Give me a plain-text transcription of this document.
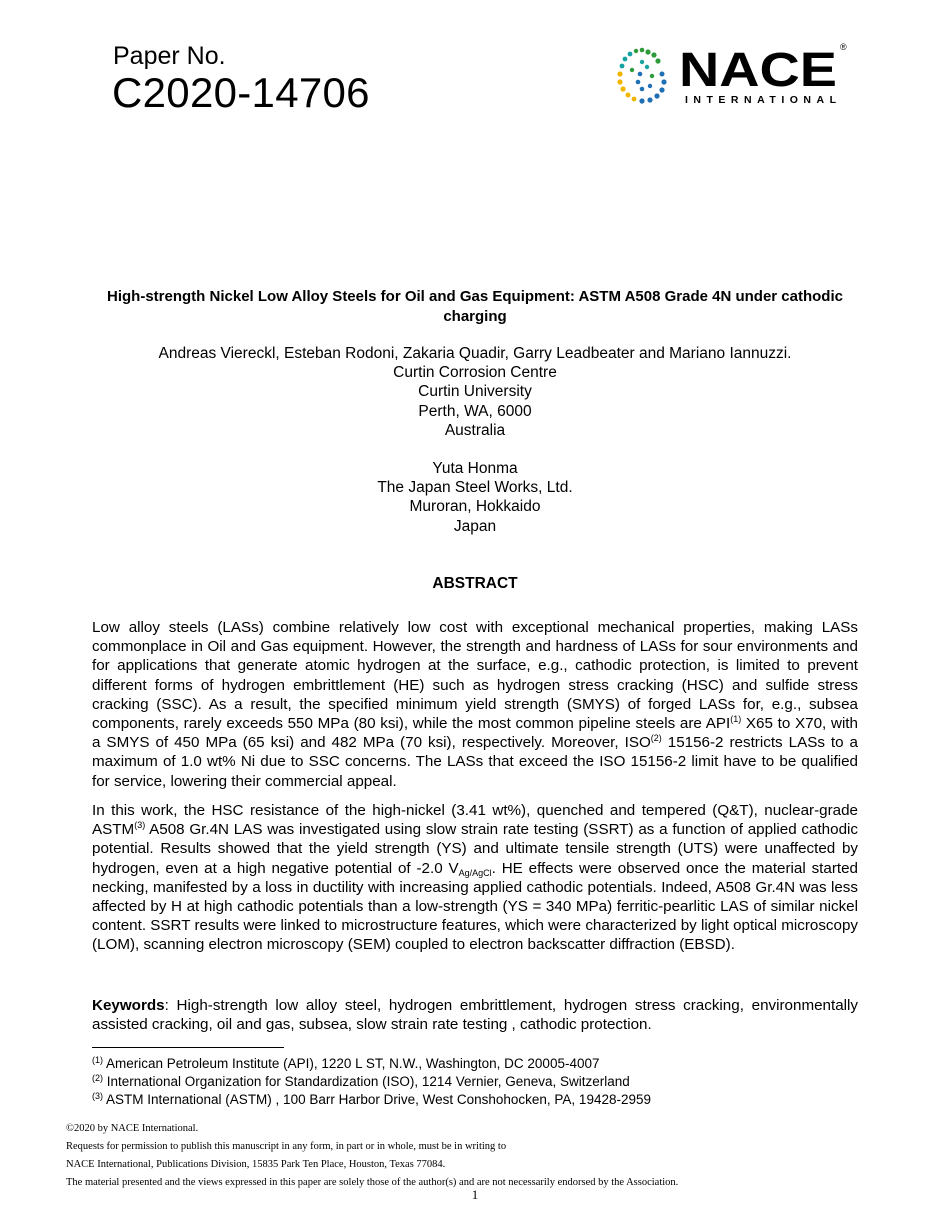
Paper No.
C2020-14706	NACE ®
INTERNATIONAL
High-strength Nickel Low Alloy Steels for Oil and Gas Equipment: ASTM A508 Grade 4N under cathodic charging
Andreas Viereckl, Esteban Rodoni, Zakaria Quadir, Garry Leadbeater and Mariano Iannuzzi.
Curtin Corrosion Centre
Curtin University
Perth, WA, 6000
Australia
Yuta Honma
The Japan Steel Works, Ltd.
Muroran, Hokkaido
Japan
ABSTRACT
Low alloy steels (LASs) combine relatively low cost with exceptional mechanical properties, making LASs commonplace in Oil and Gas equipment. However, the strength and hardness of LASs for sour environments and for applications that generate atomic hydrogen at the surface, e.g., cathodic protection, is limited to prevent different forms of hydrogen embrittlement (HE) such as hydrogen stress cracking (HSC) and sulfide stress cracking (SSC). As a result, the specified minimum yield strength (SMYS) of forged LASs for, e.g., subsea components, rarely exceeds 550 MPa (80 ksi), while the most common pipeline steels are API$^{(1)}$ X65 to X70, with a SMYS of 450 MPa (65 ksi) and 482 MPa (70 ksi), respectively. Moreover, ISO$^{(2)}$ 15156-2 restricts LASs to a maximum of 1.0 wt% Ni due to SSC concerns. The LASs that exceed the ISO 15156-2 limit have to be qualified for service, lowering their commercial appeal.
In this work, the HSC resistance of the high-nickel (3.41 wt%), quenched and tempered (Q&T), nuclear-grade ASTM$^{(3)}$ A508 Gr.4N LAS was investigated using slow strain rate testing (SSRT) as a function of applied cathodic potential. Results showed that the yield strength (YS) and ultimate tensile strength (UTS) were unaffected by hydrogen, even at a high negative potential of -2.0 $V_{Ag/AgCl}$. HE effects were observed once the material started necking, manifested by a loss in ductility with increasing applied cathodic potentials. Indeed, A508 Gr.4N was less affected by H at high cathodic potentials than a low-strength (YS = 340 MPa) ferritic-pearlitic LAS of similar nickel content. SSRT results were linked to microstructure features, which were characterized by light optical microscopy (LOM), scanning electron microscopy (SEM) coupled to electron backscatter diffraction (EBSD).
Keywords: High-strength low alloy steel, hydrogen embrittlement, hydrogen stress cracking, environmentally assisted cracking, oil and gas, subsea, slow strain rate testing , cathodic protection.
$^{(1)}$ American Petroleum Institute (API), 1220 L ST, N.W., Washington, DC 20005-4007
$^{(2)}$ International Organization for Standardization (ISO), 1214 Vernier, Geneva, Switzerland
$^{(3)}$ ASTM International (ASTM) , 100 Barr Harbor Drive, West Conshohocken, PA, 19428-2959
©2020 by NACE International.
Requests for permission to publish this manuscript in any form, in part or in whole, must be in writing to
NACE International, Publications Division, 15835 Park Ten Place, Houston, Texas 77084.
The material presented and the views expressed in this paper are solely those of the author(s) and are not necessarily endorsed by the Association.
1
